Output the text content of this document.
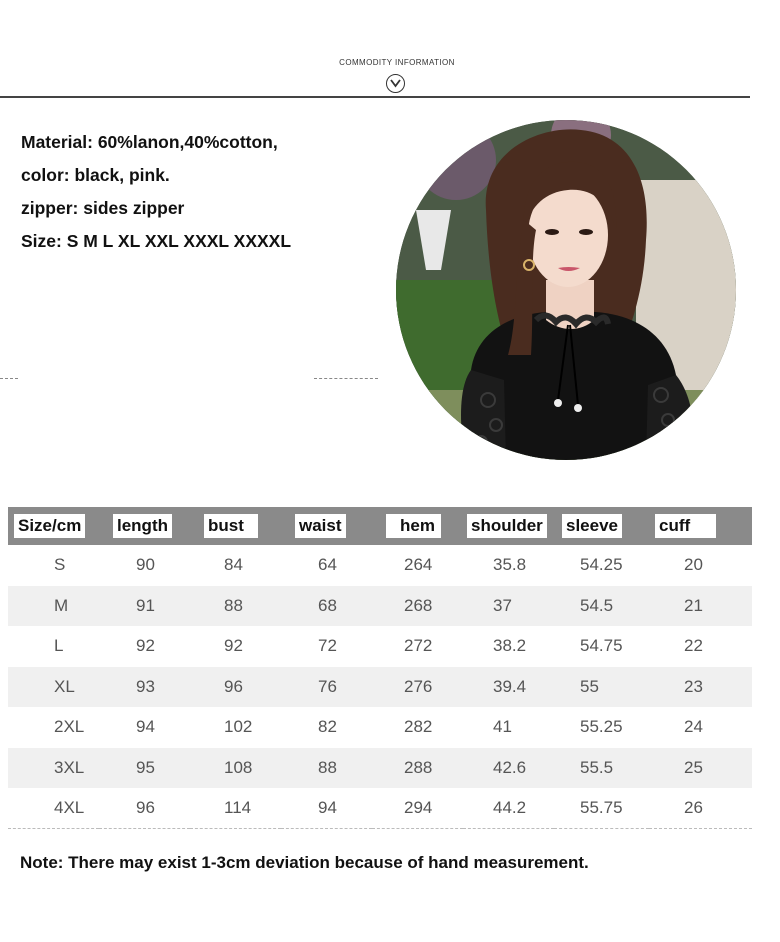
COMMODITY INFORMATION
Material: 60%lanon,40%cotton,
color: black, pink.
zipper: sides zipper
Size: S M L XL XXL XXXL XXXXL
Size/cm	length	bust	waist	hem	shoulder	sleeve	cuff
S	90	84	64	264	35.8	54.25	20
M	91	88	68	268	37	54.5	21
L	92	92	72	272	38.2	54.75	22
XL	93	96	76	276	39.4	55	23
2XL	94	102	82	282	41	55.25	24
3XL	95	108	88	288	42.6	55.5	25
4XL	96	114	94	294	44.2	55.75	26
Note: There may exist 1-3cm deviation because of hand measurement.
